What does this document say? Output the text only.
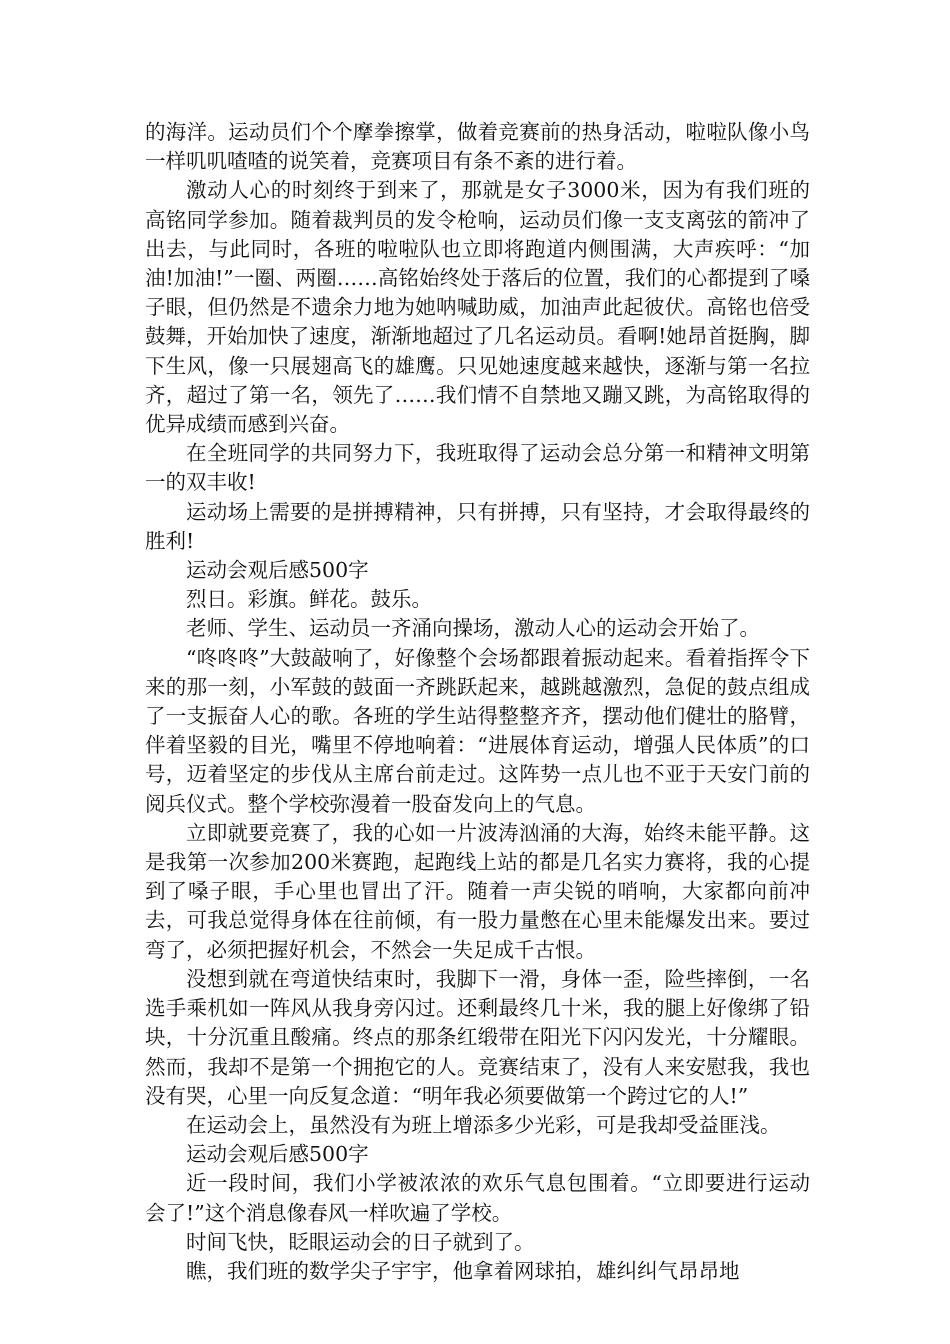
的海洋。运动员们个个摩拳擦掌，做着竞赛前的热身活动，啦啦队像小鸟一样叽叽喳喳的说笑着，竞赛项目有条不紊的进行着。

激动人心的时刻终于到来了，那就是女子3000米，因为有我们班的高铭同学参加。随着裁判员的发令枪响，运动员们像一支支离弦的箭冲了出去，与此同时，各班的啦啦队也立即将跑道内侧围满，大声疾呼：“加油!加油!”一圈、两圈……高铭始终处于落后的位置，我们的心都提到了嗓子眼，但仍然是不遗余力地为她呐喊助威，加油声此起彼伏。高铭也倍受鼓舞，开始加快了速度，渐渐地超过了几名运动员。看啊!她昂首挺胸，脚下生风，像一只展翅高飞的雄鹰。只见她速度越来越快，逐渐与第一名拉齐，超过了第一名，领先了……我们情不自禁地又蹦又跳，为高铭取得的优异成绩而感到兴奋。

在全班同学的共同努力下，我班取得了运动会总分第一和精神文明第一的双丰收!

运动场上需要的是拼搏精神，只有拼搏，只有坚持，才会取得最终的胜利!

运动会观后感500字

烈日。彩旗。鲜花。鼓乐。

老师、学生、运动员一齐涌向操场，激动人心的运动会开始了。

“咚咚咚”大鼓敲响了，好像整个会场都跟着振动起来。看着指挥令下来的那一刻，小军鼓的鼓面一齐跳跃起来，越跳越激烈，急促的鼓点组成了一支振奋人心的歌。各班的学生站得整整齐齐，摆动他们健壮的胳臂，伴着坚毅的目光，嘴里不停地响着：“进展体育运动，增强人民体质”的口号，迈着坚定的步伐从主席台前走过。这阵势一点儿也不亚于天安门前的阅兵仪式。整个学校弥漫着一股奋发向上的气息。

立即就要竞赛了，我的心如一片波涛汹涌的大海，始终未能平静。这是我第一次参加200米赛跑，起跑线上站的都是几名实力赛将，我的心提到了嗓子眼，手心里也冒出了汗。随着一声尖锐的哨响，大家都向前冲去，可我总觉得身体在往前倾，有一股力量憋在心里未能爆发出来。要过弯了，必须把握好机会，不然会一失足成千古恨。

没想到就在弯道快结束时，我脚下一滑，身体一歪，险些摔倒，一名选手乘机如一阵风从我身旁闪过。还剩最终几十米，我的腿上好像绑了铅块，十分沉重且酸痛。终点的那条红缎带在阳光下闪闪发光，十分耀眼。然而，我却不是第一个拥抱它的人。竞赛结束了，没有人来安慰我，我也没有哭，心里一向反复念道：“明年我必须要做第一个跨过它的人!”

在运动会上，虽然没有为班上增添多少光彩，可是我却受益匪浅。

运动会观后感500字

近一段时间，我们小学被浓浓的欢乐气息包围着。“立即要进行运动会了!”这个消息像春风一样吹遍了学校。

时间飞快，眨眼运动会的日子就到了。

瞧，我们班的数学尖子宇宇，他拿着网球拍，雄纠纠气昂昂地
